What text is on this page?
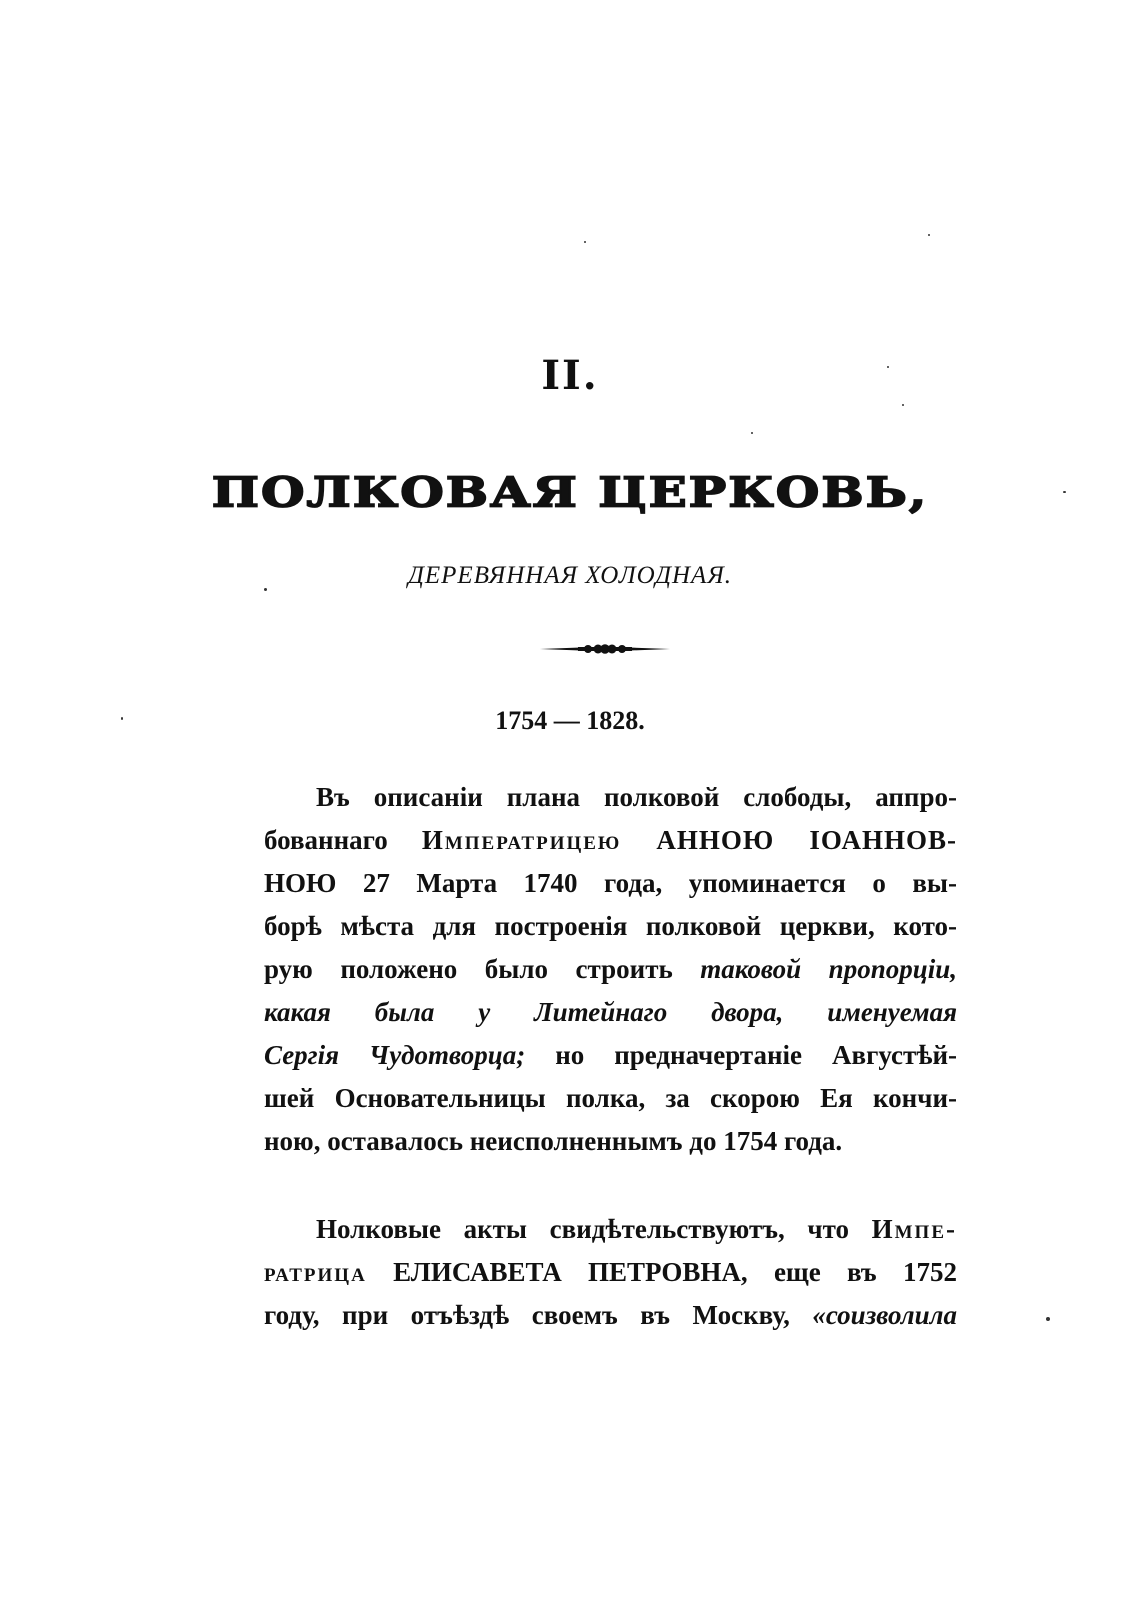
II.
ПОЛКОВАЯ ЦЕРКОВЬ,
ДЕРЕВЯННАЯ ХОЛОДНАЯ.
1754 — 1828.
Въ описаніи плана полковой слободы, аппро-
бованнаго Императрицею АННОЮ ІОАННОВ-
НОЮ 27 Марта 1740 года, упоминается о вы-
борѣ мѣста для построенія полковой церкви, кото-
рую положено было строить таковой пропорціи,
какая была у Литейнаго двора, именуемая
Сергія Чудотворца; но предначертаніе Августѣй-
шей Основательницы полка, за скорою Ея кончи-
ною, оставалось неисполненнымъ до 1754 года.
Нолковые акты свидѣтельствуютъ, что Импе-
ратрица ЕЛИСАВЕТА ПЕТРОВНА, еще въ 1752
году, при отъѣздѣ своемъ въ Москву, «соизволила
